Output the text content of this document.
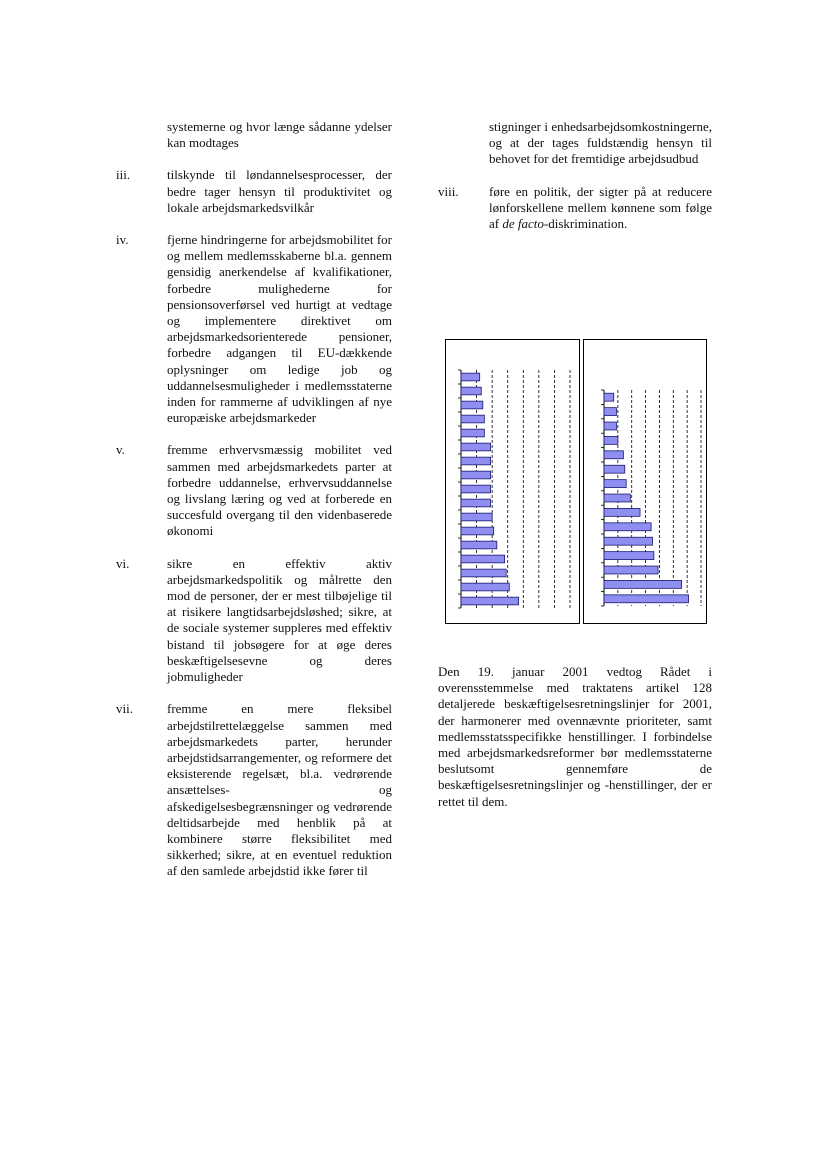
systemerne og hvor længe sådanne ydelser kan modtages
iii.	tilskynde til løndannelsesprocesser, der bedre tager hensyn til produktivitet og lokale arbejdsmarkedsvilkår
iv.	fjerne hindringerne for arbejdsmobilitet for og mellem medlemsskaberne bl.a. gennem gensidig anerkendelse af kvalifikationer, forbedre mulighederne for pensionsoverførsel ved hurtigt at vedtage og implementere direktivet om arbejdsmarkedsorienterede pensioner, forbedre adgangen til EU-dækkende oplysninger om ledige job og uddannelsesmuligheder i medlemsstaterne inden for rammerne af udviklingen af nye europæiske arbejdsmarkeder
v.	fremme erhvervsmæssig mobilitet ved sammen med arbejdsmarkedets parter at forbedre uddannelse, erhvervsuddannelse og livslang læring og ved at forberede en succesfuld overgang til den videnbaserede økonomi
vi.	sikre en effektiv aktiv arbejdsmarkedspolitik og målrette den mod de personer, der er mest tilbøjelige til at risikere langtidsarbejdsløshed; sikre, at de sociale systemer suppleres med effektiv bistand til jobsøgere for at øge deres beskæftigelsesevne og deres jobmuligheder
vii.	fremme en mere fleksibel arbejdstilrettelæggelse sammen med arbejdsmarkedets parter, herunder arbejdstidsarrangementer, og reformere det eksisterende regelsæt, bl.a. vedrørende ansættelses- og afskedigelsesbegrænsninger og vedrørende deltidsarbejde med henblik på at kombinere større fleksibilitet med sikkerhed; sikre, at en eventuel reduktion af den samlede arbejdstid ikke fører til
stigninger i enhedsarbejdsomkostningerne, og at der tages fuldstændig hensyn til behovet for det fremtidige arbejdsudbud
viii.	føre en politik, der sigter på at reducere lønforskellene mellem kønnene som følge af de facto-diskrimination.
Den 19. januar 2001 vedtog Rådet i overensstemmelse med traktatens artikel 128 detaljerede beskæftigelsesretningslinjer for 2001, der harmonerer med ovennævnte prioriteter, samt medlemsstatsspecifikke henstillinger. I forbindelse med arbejdsmarkedsreformer bør medlemsstaterne beslutsomt gennemføre de beskæftigelsesretningslinjer og -henstillinger, der er rettet til dem.
